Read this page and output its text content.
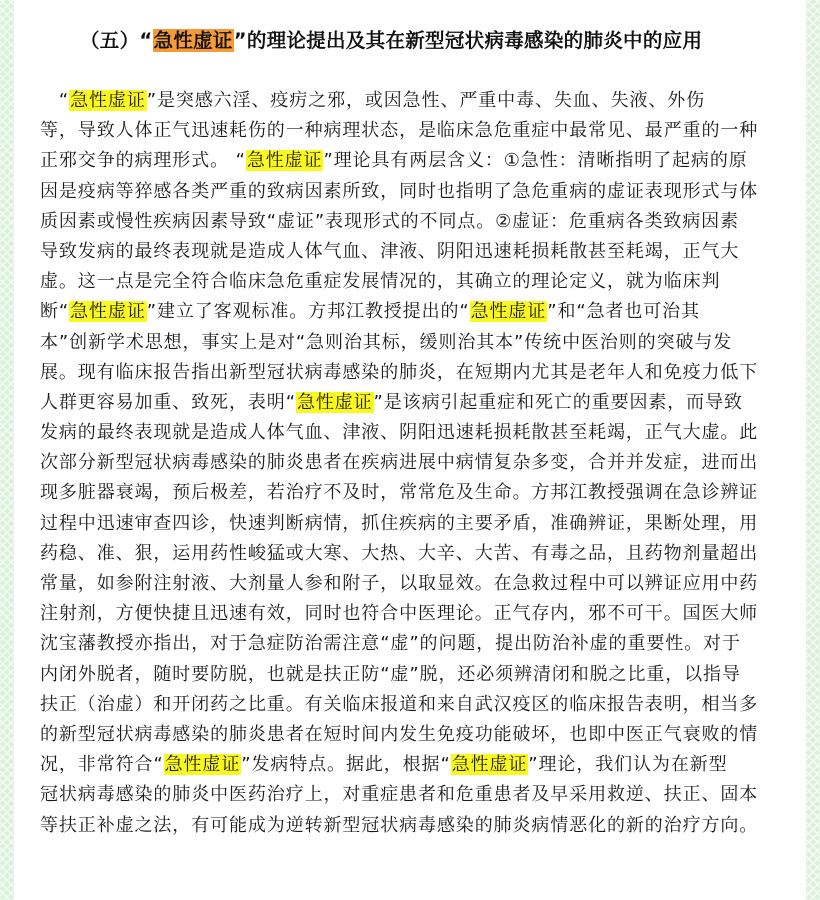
（五）“急性虚证”的理论提出及其在新型冠状病毒感染的肺炎中的应用
　“急性虚证”是突感六淫、疫疠之邪，或因急性、严重中毒、失血、失液、外伤
等，导致人体正气迅速耗伤的一种病理状态，是临床急危重症中最常见、最严重的一种
正邪交争的病理形式。 “急性虚证”理论具有两层含义：①急性：清晰指明了起病的原
因是疫病等猝感各类严重的致病因素所致，同时也指明了急危重病的虚证表现形式与体
质因素或慢性疾病因素导致“虚证”表现形式的不同点。②虚证：危重病各类致病因素
导致发病的最终表现就是造成人体气血、津液、阴阳迅速耗损耗散甚至耗竭，正气大
虚。这一点是完全符合临床急危重症发展情况的，其确立的理论定义，就为临床判
断“急性虚证”建立了客观标准。方邦江教授提出的“急性虚证”和“急者也可治其
本”创新学术思想，事实上是对“急则治其标，缓则治其本”传统中医治则的突破与发
展。现有临床报告指出新型冠状病毒感染的肺炎，在短期内尤其是老年人和免疫力低下
人群更容易加重、致死，表明“急性虚证”是该病引起重症和死亡的重要因素，而导致
发病的最终表现就是造成人体气血、津液、阴阳迅速耗损耗散甚至耗竭，正气大虚。此
次部分新型冠状病毒感染的肺炎患者在疾病进展中病情复杂多变，合并并发症，进而出
现多脏器衰竭，预后极差，若治疗不及时，常常危及生命。方邦江教授强调在急诊辨证
过程中迅速审查四诊，快速判断病情，抓住疾病的主要矛盾，准确辨证，果断处理，用
药稳、准、狠，运用药性峻猛或大寒、大热、大辛、大苦、有毒之品，且药物剂量超出
常量，如参附注射液、大剂量人参和附子，以取显效。在急救过程中可以辨证应用中药
注射剂，方便快捷且迅速有效，同时也符合中医理论。正气存内，邪不可干。国医大师
沈宝藩教授亦指出，对于急症防治需注意“虚”的问题，提出防治补虚的重要性。对于
内闭外脱者，随时要防脱，也就是扶正防“虚”脱，还必须辨清闭和脱之比重，以指导
扶正（治虚）和开闭药之比重。有关临床报道和来自武汉疫区的临床报告表明，相当多
的新型冠状病毒感染的肺炎患者在短时间内发生免疫功能破坏，也即中医正气衰败的情
况，非常符合“急性虚证”发病特点。据此，根据“急性虚证”理论，我们认为在新型
冠状病毒感染的肺炎中医药治疗上，对重症患者和危重患者及早采用救逆、扶正、固本
等扶正补虚之法，有可能成为逆转新型冠状病毒感染的肺炎病情恶化的新的治疗方向。
